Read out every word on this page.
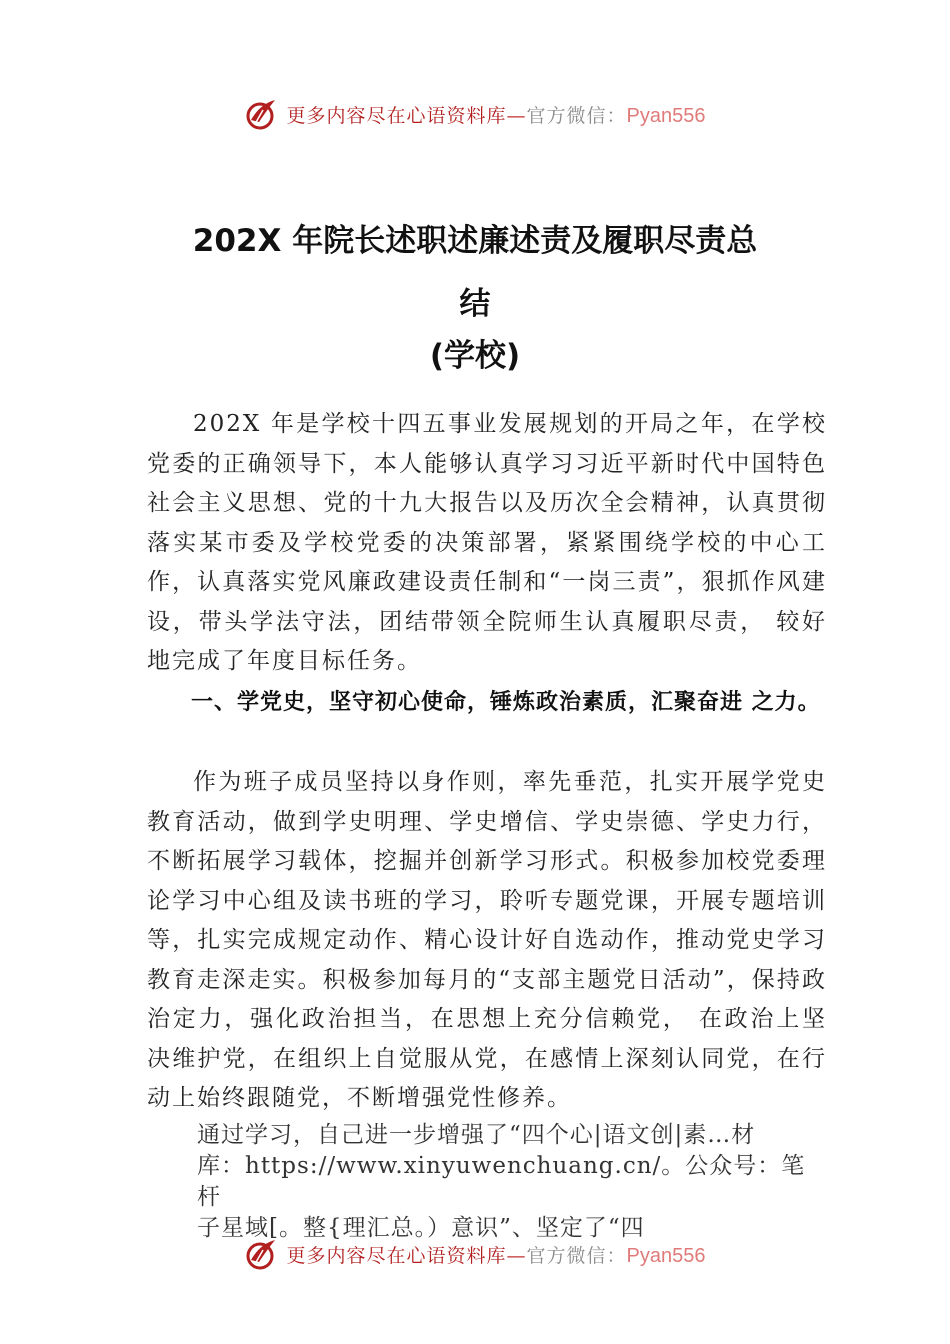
更多内容尽在心语资料库—官方微信：Pyan556
202X 年院长述职述廉述责及履职尽责总
结
(学校)

202X 年是学校十四五事业发展规划的开局之年，在学校党委的正确领导下，本人能够认真学习习近平新时代中国特色社会主义思想、党的十九大报告以及历次全会精神，认真贯彻落实某市委及学校党委的决策部署，紧紧围绕学校的中心工作，认真落实党风廉政建设责任制和“一岗三责”，狠抓作风建设，带头学法守法，团结带领全院师生认真履职尽责， 较好地完成了年度目标任务。

一、学党史，坚守初心使命，锤炼政治素质，汇聚奋进 之力。

作为班子成员坚持以身作则，率先垂范，扎实开展学党史教育活动，做到学史明理、学史增信、学史崇德、学史力行，不断拓展学习载体，挖掘并创新学习形式。积极参加校党委理论学习中心组及读书班的学习，聆听专题党课，开展专题培训等，扎实完成规定动作、精心设计好自选动作，推动党史学习教育走深走实。积极参加每月的“支部主题党日活动”，保持政治定力，强化政治担当，在思想上充分信赖党， 在政治上坚决维护党，在组织上自觉服从党，在感情上深刻认同党，在行动上始终跟随党，不断增强党性修养。

通过学习，自己进一步增强了“四个心|语文创|素…材

库：https://www.xinyuwenchuang.cn/。公众号：笔杆

子星域[。整{理汇总。）意识”、坚定了“四

更多内容尽在心语资料库—官方微信：Pyan556
